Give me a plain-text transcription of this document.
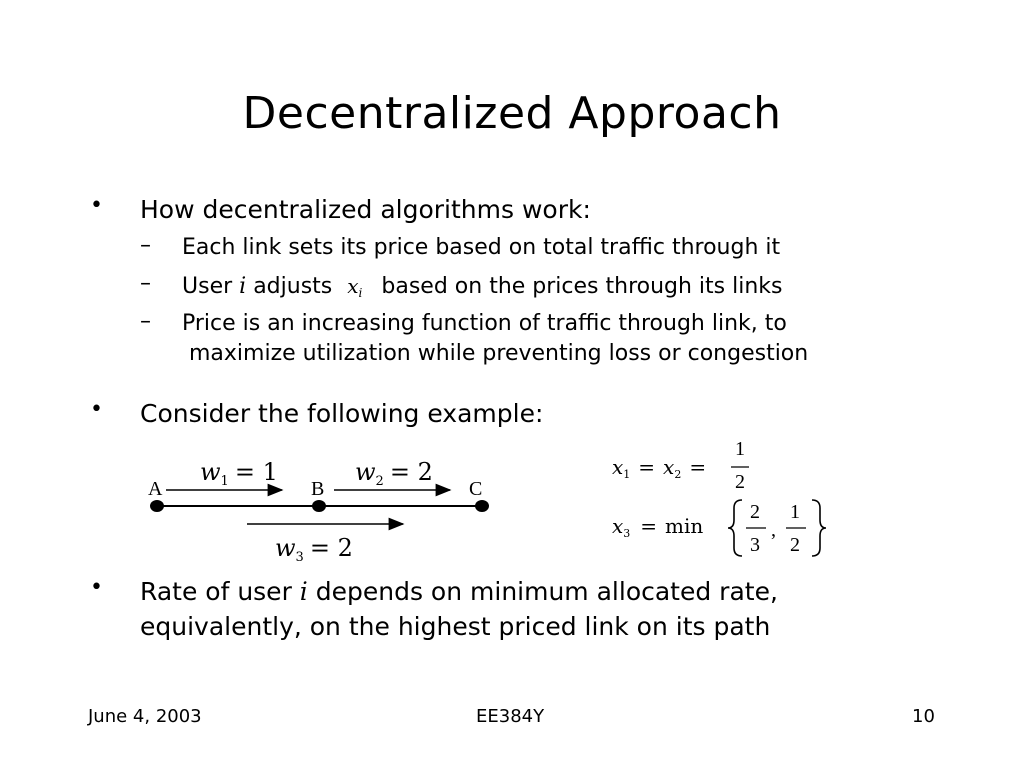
Decentralized Approach
• How decentralized algorithms work:
– Each link sets its price based on total traffic through it
– User i adjusts xi based on the prices through its links
– Price is an increasing function of traffic through link, to
maximize utilization while preventing loss or congestion
• Consider the following example:
$w_1 = 1$	$w_2 = 2$
A	B	C
$w_3 = 2$
$x_1 = x_2$ =
1
2
$x_3 = \min$
2
3
,
1
2
• Rate of user i depends on minimum allocated rate,
equivalently, on the highest priced link on its path
June 4, 2003	EE384Y	10
